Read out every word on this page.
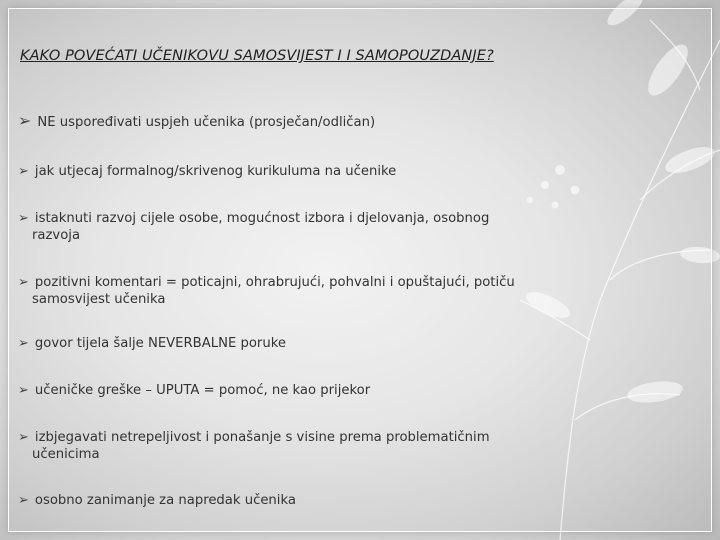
KAKO POVEĆATI UČENIKOVU SAMOSVIJEST I I SAMOPOUZDANJE?
➢ NE uspoređivati uspjeh učenika (prosječan/odličan)
➢ jak utjecaj formalnog/skrivenog kurikuluma na učenike
➢ istaknuti razvoj cijele osobe, mogućnost izbora i djelovanja, osobnog
razvoja
➢ pozitivni komentari = poticajni, ohrabrujući, pohvalni i opuštajući, potiču
samosvijest učenika
➢ govor tijela šalje NEVERBALNE poruke
➢ učeničke greške – UPUTA = pomoć, ne kao prijekor
➢ izbjegavati netrepeljivost i ponašanje s visine prema problematičnim
učenicima
➢ osobno zanimanje za napredak učenika
